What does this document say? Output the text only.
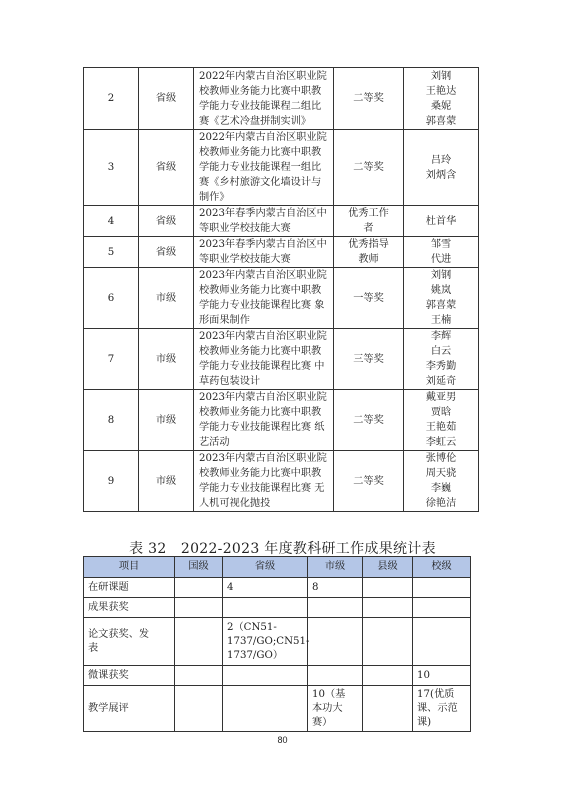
2	省级	2022年内蒙古自治区职业院
校教师业务能力比赛中职教
学能力专业技能课程二组比
赛《艺术冷盘拼制实训》	二等奖	刘钢
王艳达
桑妮
郭喜蒙

3	省级	2022年内蒙古自治区职业院
校教师业务能力比赛中职教
学能力专业技能课程一组比
赛《乡村旅游文化墙设计与
制作》	二等奖	吕玲
刘炳含

4	省级	2023年春季内蒙古自治区中
等职业学校技能大赛	优秀工作
者	杜首华

5	省级	2023年春季内蒙古自治区中
等职业学校技能大赛	优秀指导
教师	邹雪
代进

6	市级	2023年内蒙古自治区职业院
校教师业务能力比赛中职教
学能力专业技能课程比赛 象
形面果制作	一等奖	刘钢
姚岚
郭喜蒙
王楠

7	市级	2023年内蒙古自治区职业院
校教师业务能力比赛中职教
学能力专业技能课程比赛 中
草药包装设计	三等奖	李辉
白云
李秀勤
刘延奇

8	市级	2023年内蒙古自治区职业院
校教师业务能力比赛中职教
学能力专业技能课程比赛 纸
艺活动	二等奖	戴亚男
贾晗
王艳茹
李虹云

9	市级	2023年内蒙古自治区职业院
校教师业务能力比赛中职教
学能力专业技能课程比赛 无
人机可视化抛投	二等奖	张博伦
周天骁
李巍
徐艳洁
表 32　2022-2023 年度教科研工作成果统计表
项目	国级	省级	市级	县级	校级

在研课题		4	8		

成果获奖					

论文获奖、发
表		2（CN51-
1737/GO;CN51-
1737/GO）			

微课获奖					10

教学展评			10（基
本功大
赛）		17(优质
课、示范
课)
80
